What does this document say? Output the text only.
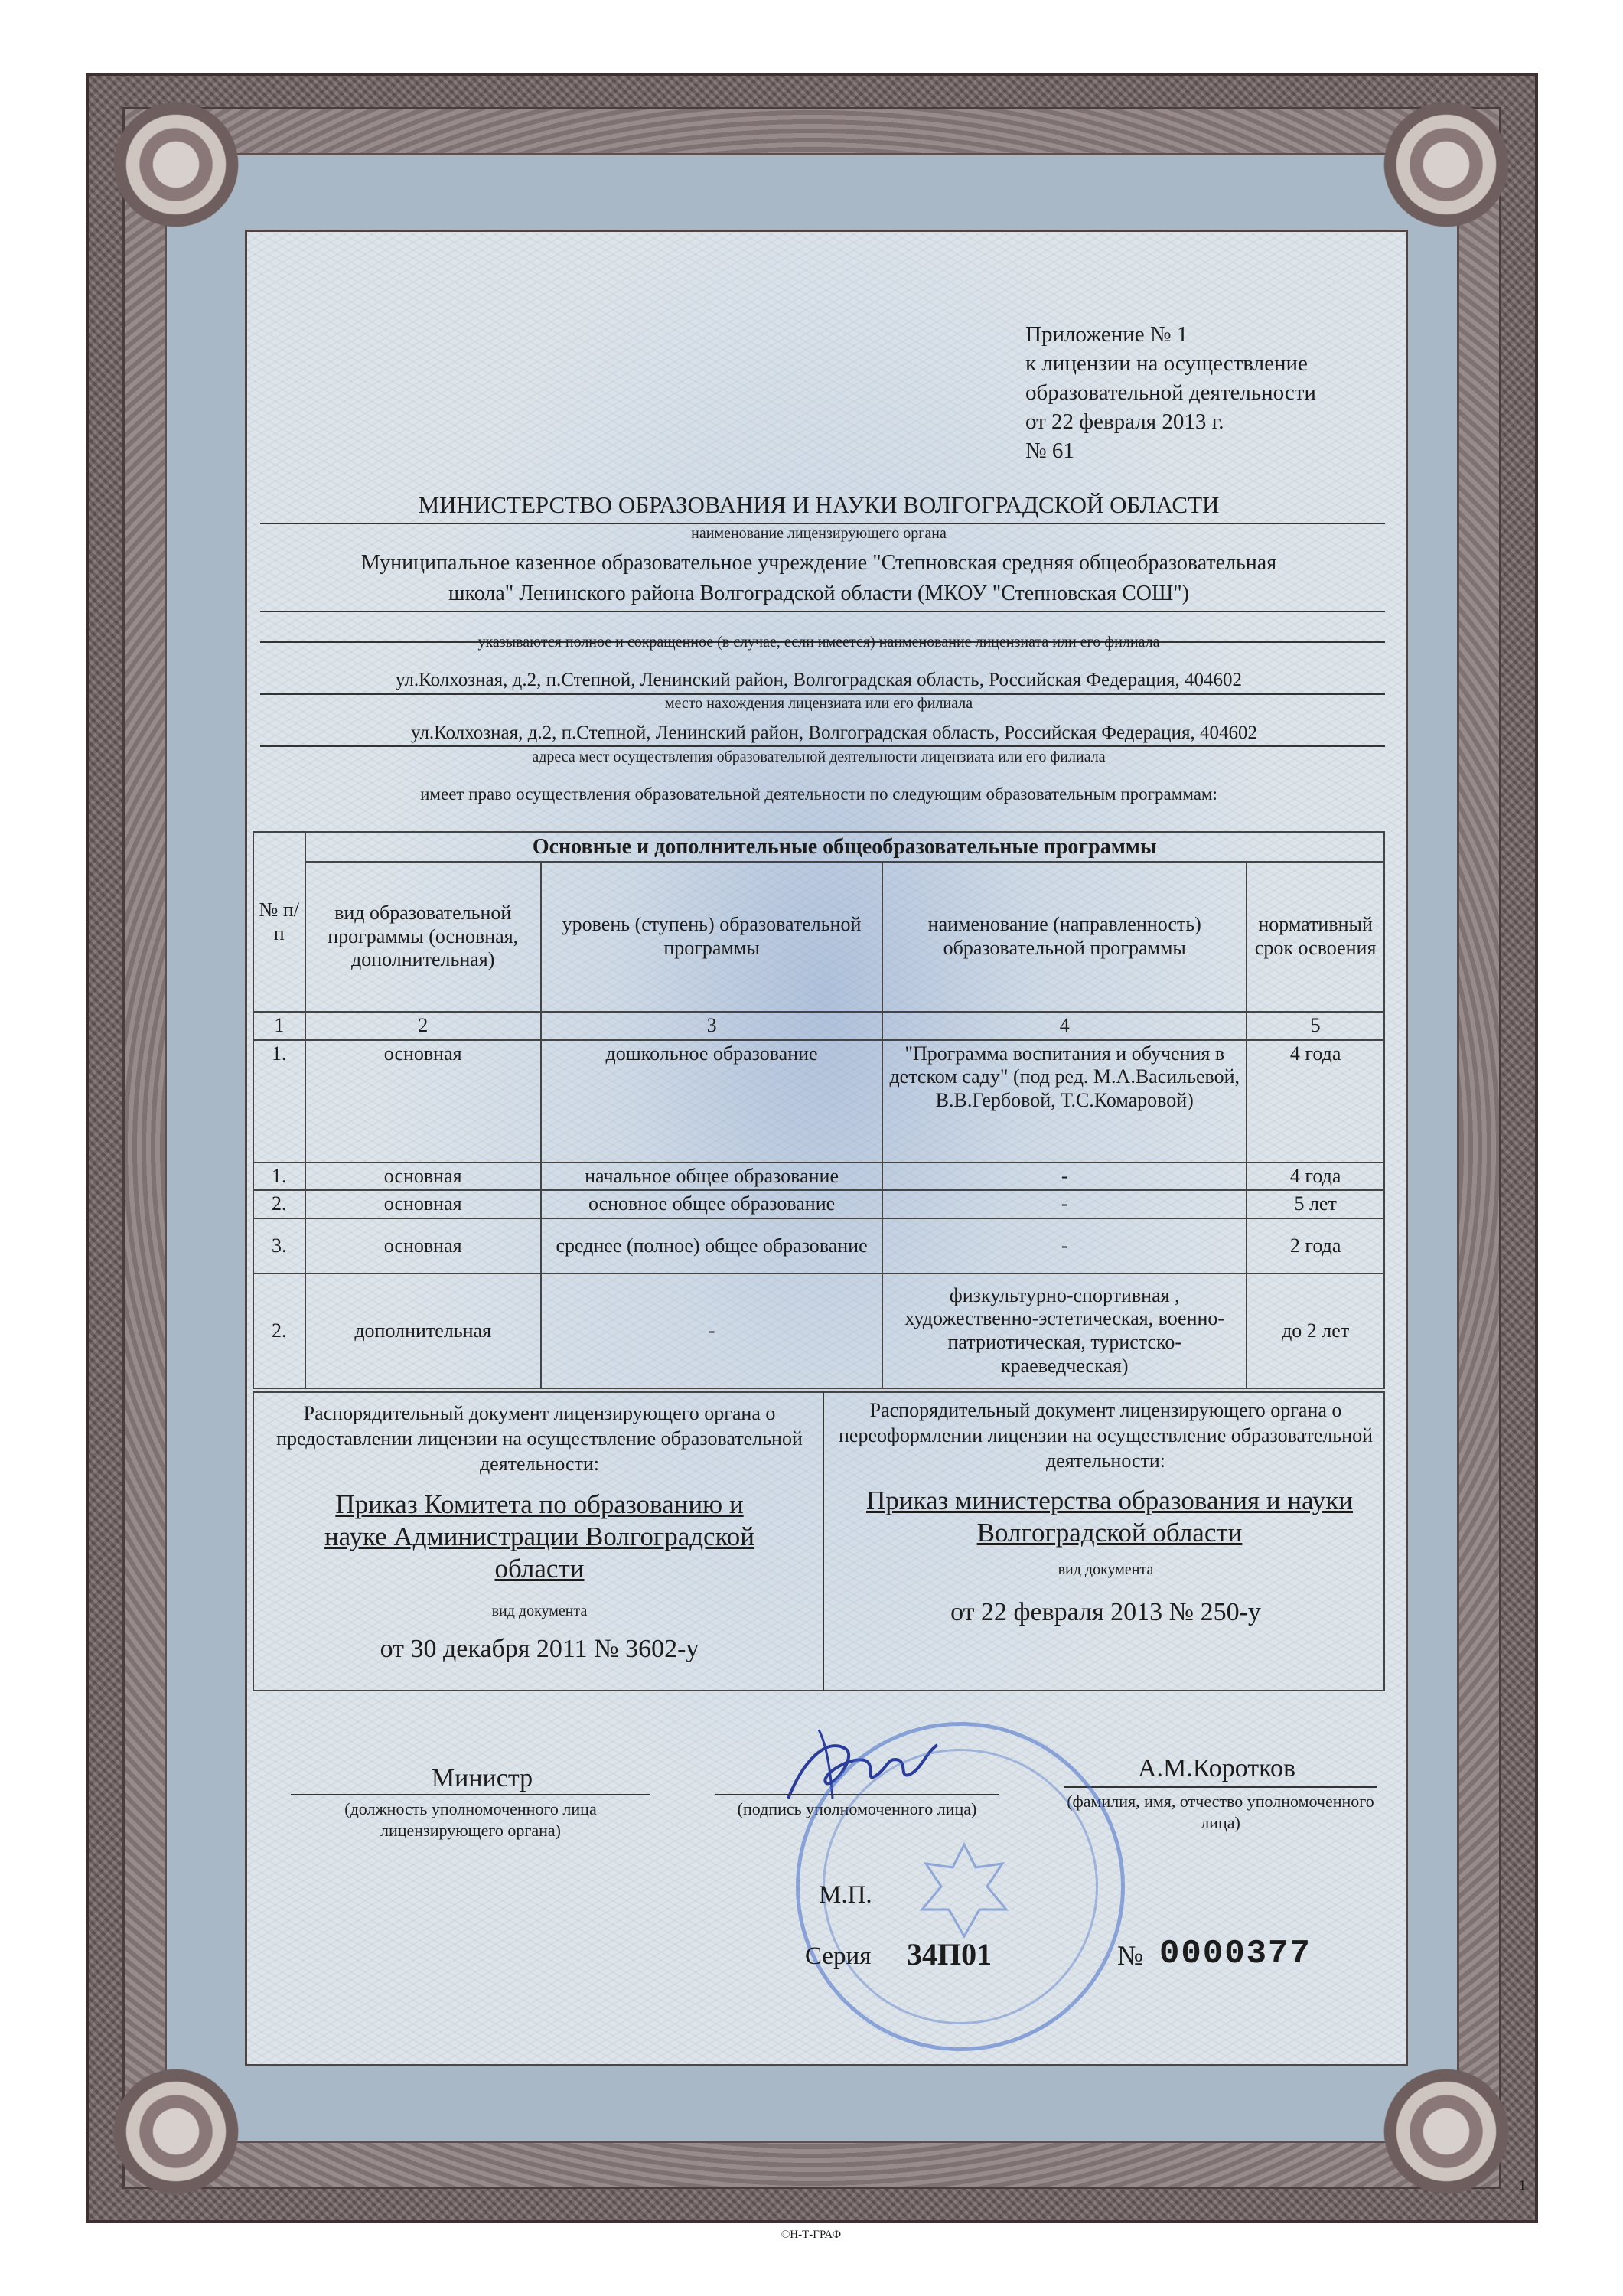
Приложение № 1
к лицензии на осуществление
образовательной деятельности
от 22 февраля 2013 г.
№ 61
МИНИСТЕРСТВО ОБРАЗОВАНИЯ И НАУКИ ВОЛГОГРАДСКОЙ ОБЛАСТИ
наименование лицензирующего органа
Муниципальное казенное образовательное учреждение "Степновская средняя общеобразовательная
школа" Ленинского района Волгоградской области (МКОУ "Степновская СОШ")
указываются полное и сокращенное (в случае, если имеется) наименование лицензиата или его филиала
ул.Колхозная, д.2, п.Степной, Ленинский район, Волгоградская область, Российская Федерация, 404602
место нахождения лицензиата или его филиала
ул.Колхозная, д.2, п.Степной, Ленинский район, Волгоградская область, Российская Федерация, 404602
адреса мест осуществления образовательной деятельности лицензиата или его филиала
имеет право осуществления образовательной деятельности по следующим образовательным программам:
№ п/п	Основные и дополнительные общеобразовательные программы			
	вид образовательной программы (основная, дополнительная)	уровень (ступень) образовательной программы	наименование (направленность) образовательной программы	нормативный срок освоения
1	2	3	4	5
1.	основная	дошкольное образование	"Программа воспитания и обучения в детском саду" (под ред. М.А.Васильевой, В.В.Гербовой, Т.С.Комаровой)	4 года
1.	основная	начальное общее образование	-	4 года
2.	основная	основное общее образование	-	5 лет
3.	основная	среднее (полное) общее образование	-	2 года
2.	дополнительная	-	физкультурно-спортивная , художественно-эстетическая, военно-патриотическая, туристско-краеведческая)	до 2 лет
Распорядительный документ лицензирующего органа о предоставлении лицензии на осуществление образовательной деятельности:
Приказ Комитета по образованию и
науке Администрации Волгоградской
области
вид документа
от 30 декабря 2011 № 3602-у
Распорядительный документ лицензирующего органа о переоформлении лицензии на осуществление образовательной деятельности:
Приказ министерства образования и науки
Волгоградской области
вид документа
от 22 февраля 2013 № 250-у
Министр
(должность уполномоченного лица лицензирующего органа)
(подпись уполномоченного лица)
А.М.Коротков
(фамилия, имя, отчество уполномоченного лица)
М.П.
Серия 34П01	№ 0000377
1
©Н-Т-ГРАФ
